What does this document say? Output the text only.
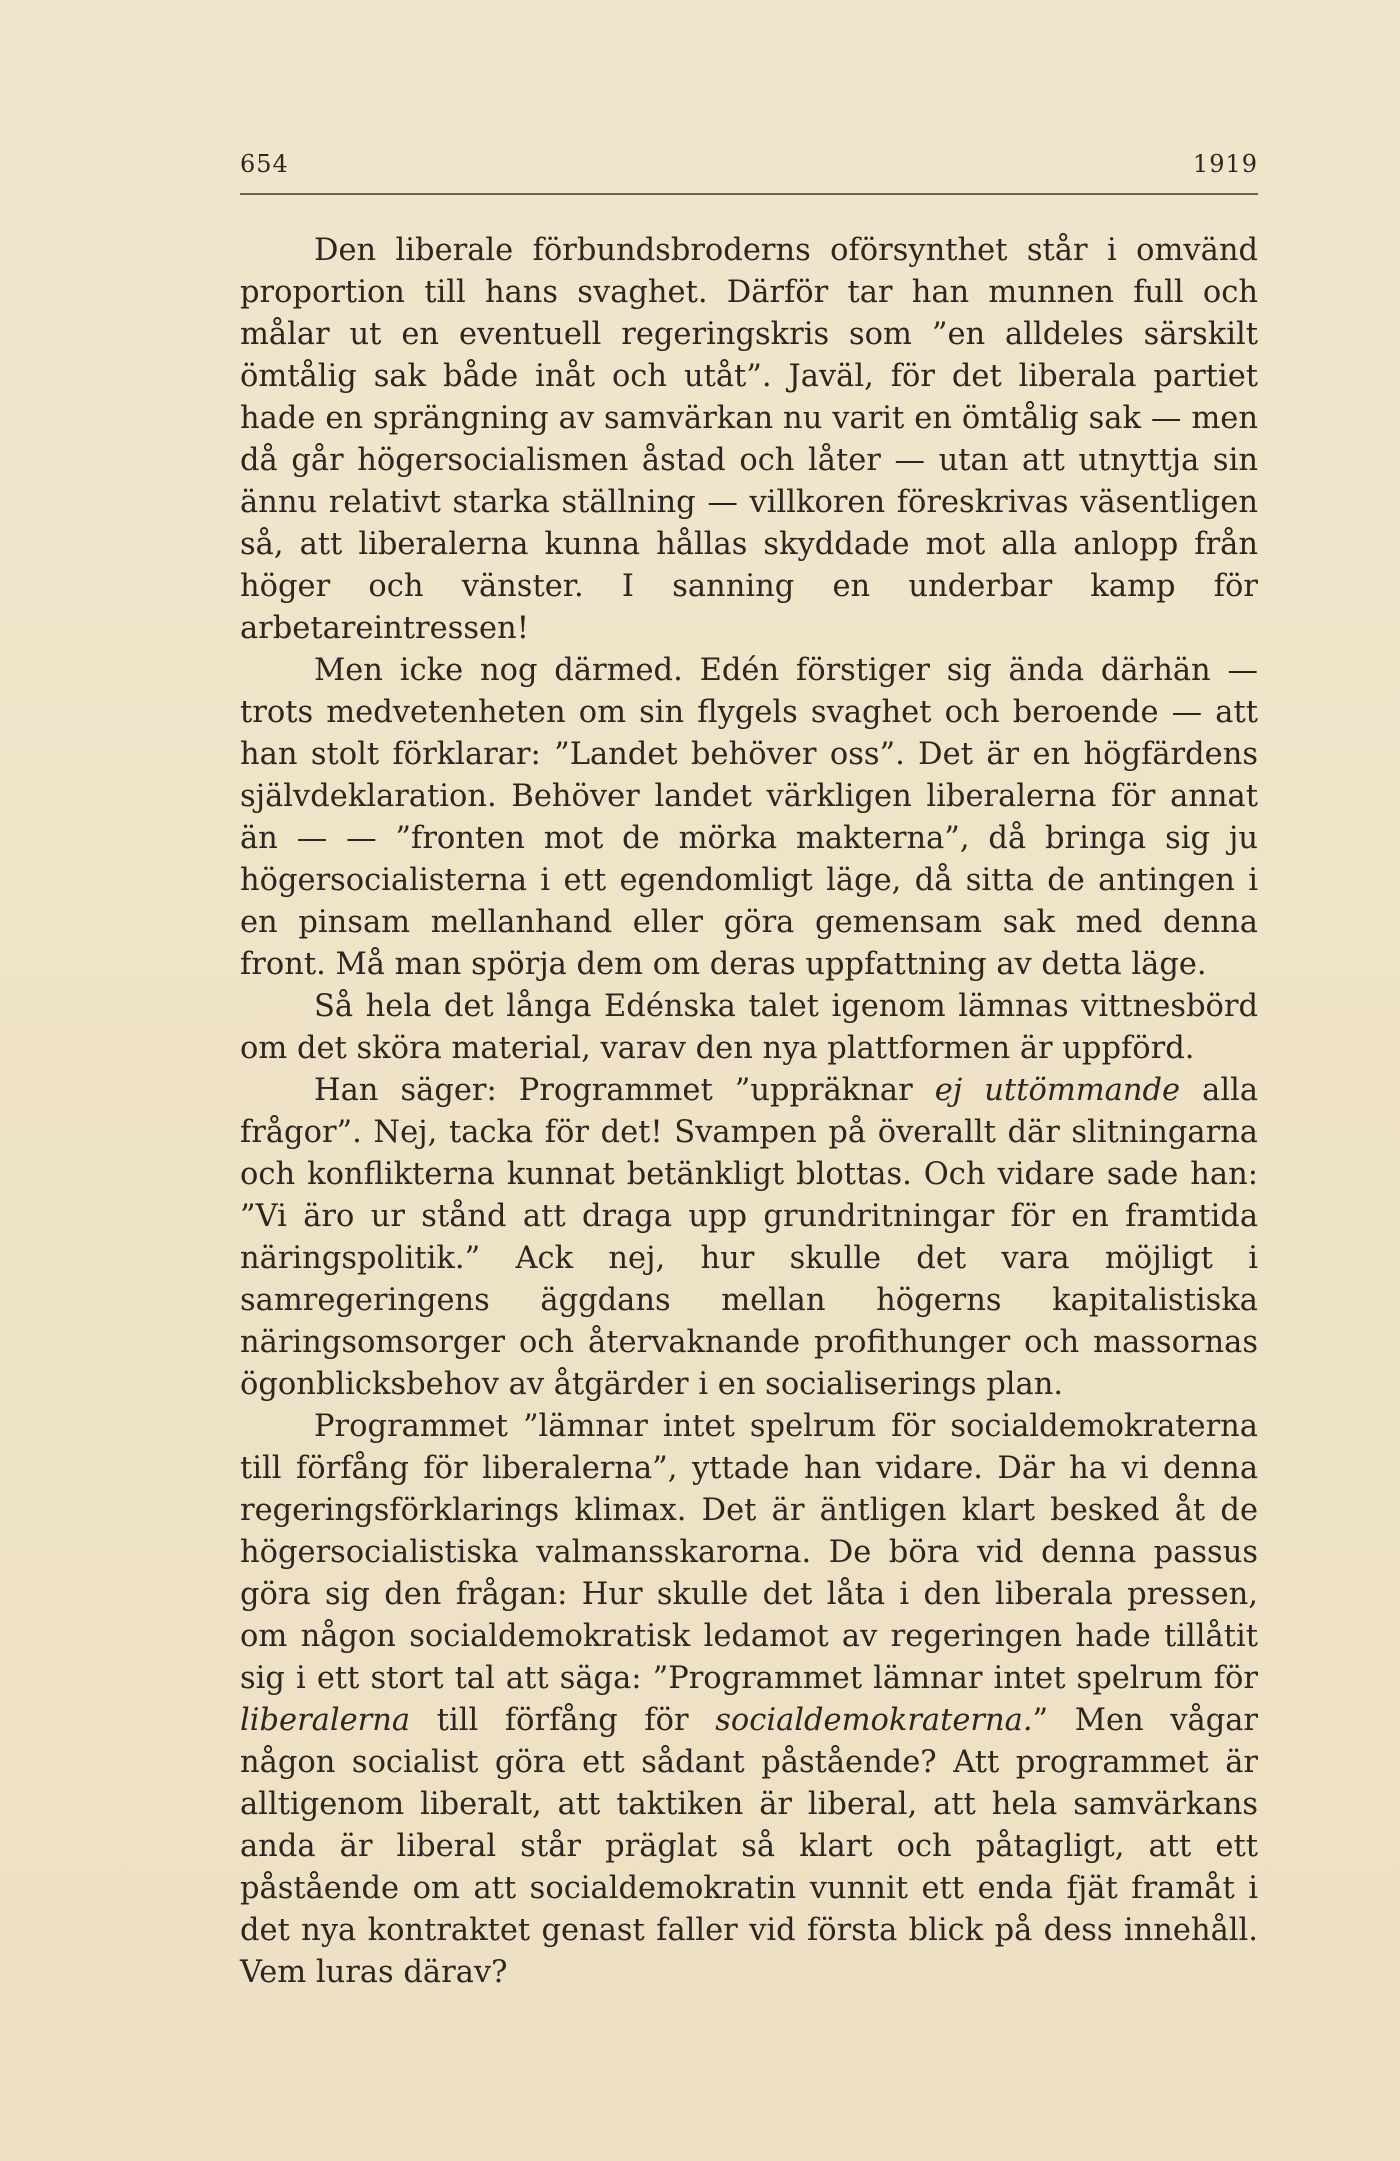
654	1919

Den liberale förbundsbroderns oförsynthet står i omvänd proportion till hans svaghet. Därför tar han munnen full och målar ut en eventuell regeringskris som ”en alldeles särskilt ömtålig sak både inåt och utåt”. Javäl, för det liberala partiet hade en sprängning av samvärkan nu varit en ömtålig sak — men då går högersocialismen åstad och låter — utan att utnyttja sin ännu relativt starka ställning — villkoren föreskrivas väsentligen så, att liberalerna kunna hållas skyddade mot alla anlopp från höger och vänster. I sanning en underbar kamp för arbetareintressen!

Men icke nog därmed. Edén förstiger sig ända därhän — trots medvetenheten om sin flygels svaghet och beroende — att han stolt förklarar: ”Landet behöver oss”. Det är en högfärdens självdeklaration. Behöver landet värkligen liberalerna för annat än — — ”fronten mot de mörka makterna”, då bringa sig ju högersocialisterna i ett egendomligt läge, då sitta de antingen i en pinsam mellanhand eller göra gemensam sak med denna front. Må man spörja dem om deras uppfattning av detta läge.

Så hela det långa Edénska talet igenom lämnas vittnesbörd om det sköra material, varav den nya plattformen är uppförd.

Han säger: Programmet ”uppräknar ej uttömmande alla frågor”. Nej, tacka för det! Svampen på överallt där slitningarna och konflikterna kunnat betänkligt blottas. Och vidare sade han: ”Vi äro ur stånd att draga upp grundritningar för en framtida näringspolitik.” Ack nej, hur skulle det vara möjligt i samregeringens äggdans mellan högerns kapitalistiska näringsomsorger och återvaknande profithunger och massornas ögonblicksbehov av åtgärder i en socialiserings plan.

Programmet ”lämnar intet spelrum för socialdemokraterna till förfång för liberalerna”, yttade han vidare. Där ha vi denna regeringsförklarings klimax. Det är äntligen klart besked åt de högersocialistiska valmansskarorna. De böra vid denna passus göra sig den frågan: Hur skulle det låta i den liberala pressen, om någon socialdemokratisk ledamot av regeringen hade tillåtit sig i ett stort tal att säga: ”Programmet lämnar intet spelrum för liberalerna till förfång för socialdemokraterna.” Men vågar någon socialist göra ett sådant påstående? Att programmet är alltigenom liberalt, att taktiken är liberal, att hela samvärkans anda är liberal står präglat så klart och påtagligt, att ett påstående om att socialdemokratin vunnit ett enda fjät framåt i det nya kontraktet genast faller vid första blick på dess innehåll. Vem luras därav?
